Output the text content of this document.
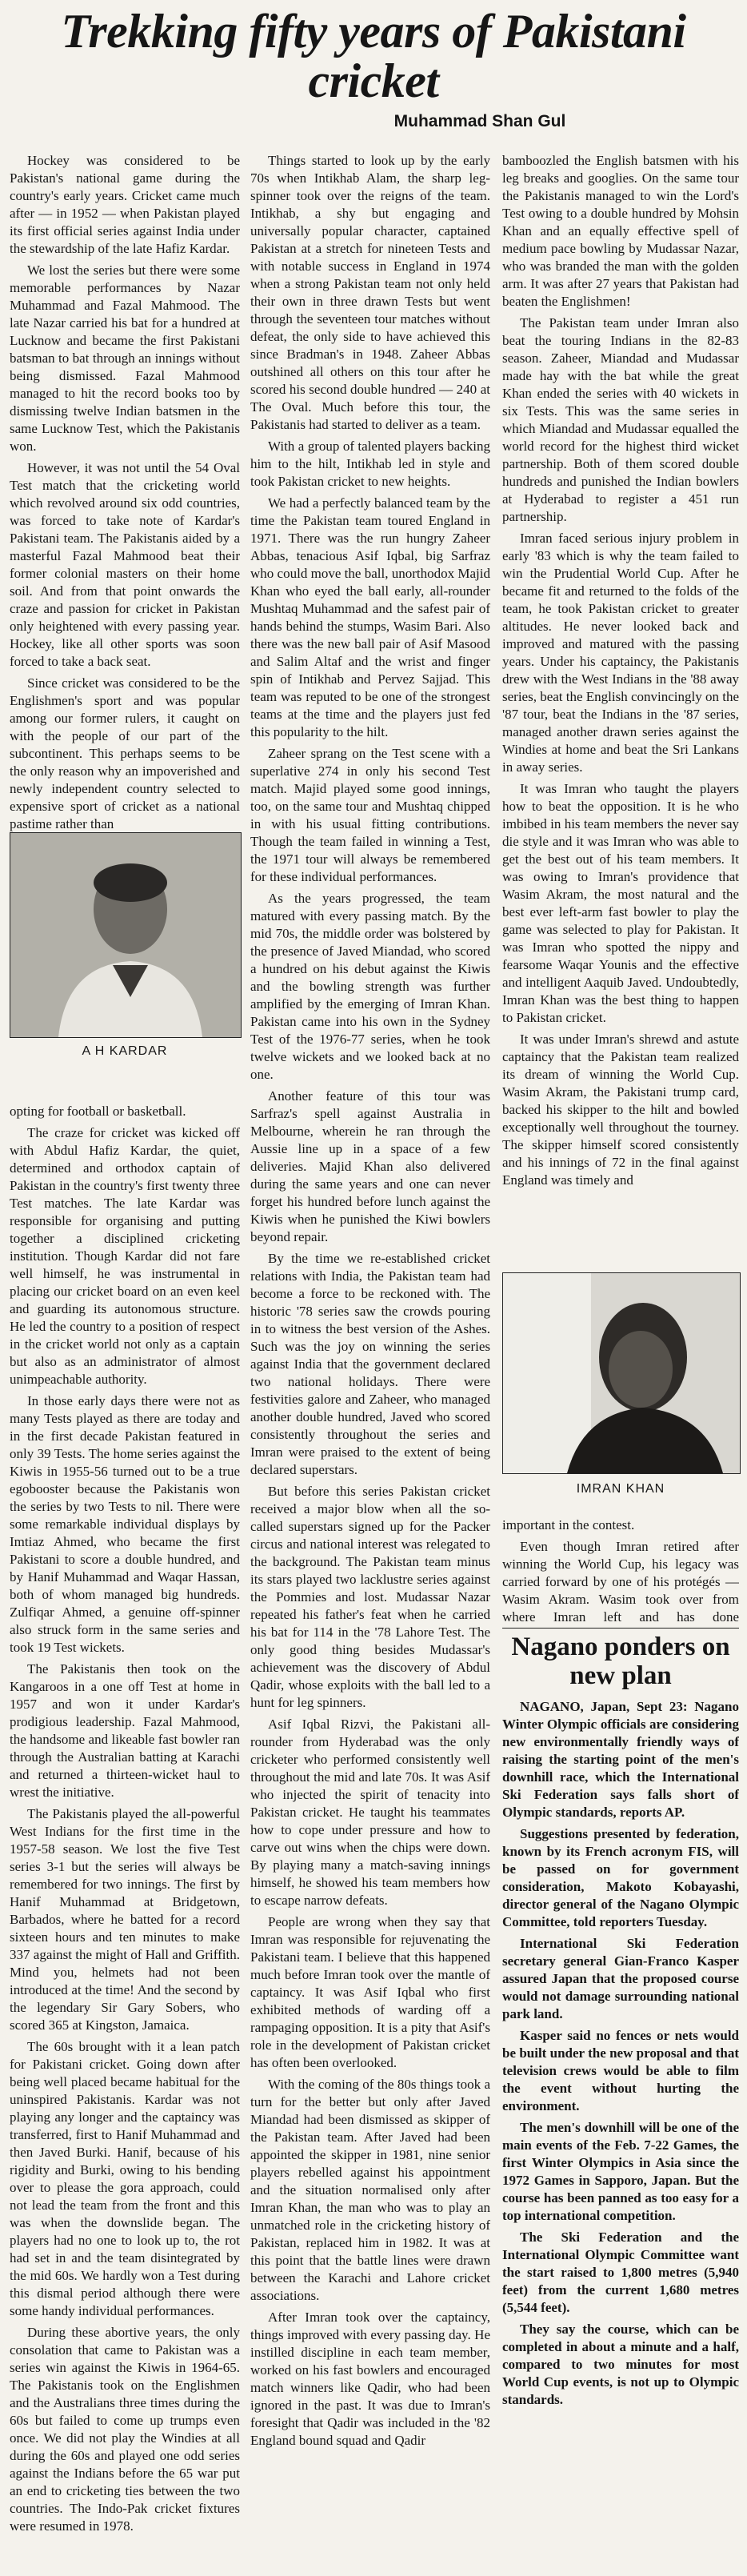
Trekking fifty years of Pakistani cricket
Muhammad Shan Gul

Hockey was considered to be Pakistan's national game during the country's early years. Cricket came much after — in 1952 — when Pakistan played its first official series against India under the stewardship of the late Hafiz Kardar.

We lost the series but there were some memorable performances by Nazar Muhammad and Fazal Mahmood. The late Nazar carried his bat for a hundred at Lucknow and became the first Pakistani batsman to bat through an innings without being dismissed. Fazal Mahmood managed to hit the record books too by dismissing twelve Indian batsmen in the same Lucknow Test, which the Pakistanis won.

However, it was not until the 54 Oval Test match that the cricketing world which revolved around six odd countries, was forced to take note of Kardar's Pakistani team. The Pakistanis aided by a masterful Fazal Mahmood beat their former colonial masters on their home soil. And from that point onwards the craze and passion for cricket in Pakistan only heightened with every passing year. Hockey, like all other sports was soon forced to take a back seat.

Since cricket was considered to be the Englishmen's sport and was popular among our former rulers, it caught on with the people of our part of the subcontinent. This perhaps seems to be the only reason why an impoverished and newly independent country selected to expensive sport of cricket as a national pastime rather than

A H KARDAR

opting for football or basketball.

The craze for cricket was kicked off with Abdul Hafiz Kardar, the quiet, determined and orthodox captain of Pakistan in the country's first twenty three Test matches. The late Kardar was responsible for organising and putting together a disciplined cricketing institution. Though Kardar did not fare well himself, he was instrumental in placing our cricket board on an even keel and guarding its autonomous structure. He led the country to a position of respect in the cricket world not only as a captain but also as an administrator of almost unimpeachable authority.

In those early days there were not as many Tests played as there are today and in the first decade Pakistan featured in only 39 Tests. The home series against the Kiwis in 1955-56 turned out to be a true egobooster because the Pakistanis won the series by two Tests to nil. There were some remarkable individual displays by Imtiaz Ahmed, who became the first Pakistani to score a double hundred, and by Hanif Muhammad and Waqar Hassan, both of whom managed big hundreds. Zulfiqar Ahmed, a genuine off-spinner also struck form in the same series and took 19 Test wickets.

The Pakistanis then took on the Kangaroos in a one off Test at home in 1957 and won it under Kardar's prodigious leadership. Fazal Mahmood, the handsome and likeable fast bowler ran through the Australian batting at Karachi and returned a thirteen-wicket haul to wrest the initiative.

The Pakistanis played the all-powerful West Indians for the first time in the 1957-58 season. We lost the five Test series 3-1 but the series will always be remembered for two innings. The first by Hanif Muhammad at Bridgetown, Barbados, where he batted for a record sixteen hours and ten minutes to make 337 against the might of Hall and Griffith. Mind you, helmets had not been introduced at the time! And the second by the legendary Sir Gary Sobers, who scored 365 at Kingston, Jamaica.

The 60s brought with it a lean patch for Pakistani cricket. Going down after being well placed became habitual for the uninspired Pakistanis. Kardar was not playing any longer and the captaincy was transferred, first to Hanif Muhammad and then Javed Burki. Hanif, because of his rigidity and Burki, owing to his bending over to please the gora approach, could not lead the team from the front and this was when the downslide began. The players had no one to look up to, the rot had set in and the team disintegrated by the mid 60s. We hardly won a Test during this dismal period although there were some handy individual performances.

During these abortive years, the only consolation that came to Pakistan was a series win against the Kiwis in 1964-65. The Pakistanis took on the Englishmen and the Australians three times during the 60s but failed to come up trumps even once. We did not play the Windies at all during the 60s and played one odd series against the Indians before the 65 war put an end to cricketing ties between the two countries. The Indo-Pak cricket fixtures were resumed in 1978.

Things started to look up by the early 70s when Intikhab Alam, the sharp leg-spinner took over the reigns of the team. Intikhab, a shy but engaging and universally popular character, captained Pakistan at a stretch for nineteen Tests and with notable success in England in 1974 when a strong Pakistan team not only held their own in three drawn Tests but went through the seventeen tour matches without defeat, the only side to have achieved this since Bradman's in 1948. Zaheer Abbas outshined all others on this tour after he scored his second double hundred — 240 at The Oval. Much before this tour, the Pakistanis had started to deliver as a team.

With a group of talented players backing him to the hilt, Intikhab led in style and took Pakistan cricket to new heights.

We had a perfectly balanced team by the time the Pakistan team toured England in 1971. There was the run hungry Zaheer Abbas, tenacious Asif Iqbal, big Sarfraz who could move the ball, unorthodox Majid Khan who eyed the ball early, all-rounder Mushtaq Muhammad and the safest pair of hands behind the stumps, Wasim Bari. Also there was the new ball pair of Asif Masood and Salim Altaf and the wrist and finger spin of Intikhab and Pervez Sajjad. This team was reputed to be one of the strongest teams at the time and the players just fed this popularity to the hilt.

Zaheer sprang on the Test scene with a superlative 274 in only his second Test match. Majid played some good innings, too, on the same tour and Mushtaq chipped in with his usual fitting contributions. Though the team failed in winning a Test, the 1971 tour will always be remembered for these individual performances.

As the years progressed, the team matured with every passing match. By the mid 70s, the middle order was bolstered by the presence of Javed Miandad, who scored a hundred on his debut against the Kiwis and the bowling strength was further amplified by the emerging of Imran Khan. Pakistan came into his own in the Sydney Test of the 1976-77 series, when he took twelve wickets and we looked back at no one.

Another feature of this tour was Sarfraz's spell against Australia in Melbourne, wherein he ran through the Aussie line up in a space of a few deliveries. Majid Khan also delivered during the same years and one can never forget his hundred before lunch against the Kiwis when he punished the Kiwi bowlers beyond repair.

By the time we re-established cricket relations with India, the Pakistan team had become a force to be reckoned with. The historic '78 series saw the crowds pouring in to witness the best version of the Ashes. Such was the joy on winning the series against India that the government declared two national holidays. There were festivities galore and Zaheer, who managed another double hundred, Javed who scored consistently throughout the series and Imran were praised to the extent of being declared superstars.

But before this series Pakistan cricket received a major blow when all the so-called superstars signed up for the Packer circus and national interest was relegated to the background. The Pakistan team minus its stars played two lacklustre series against the Pommies and lost. Mudassar Nazar repeated his father's feat when he carried his bat for 114 in the '78 Lahore Test. The only good thing besides Mudassar's achievement was the discovery of Abdul Qadir, whose exploits with the ball led to a hunt for leg spinners.

Asif Iqbal Rizvi, the Pakistani all-rounder from Hyderabad was the only cricketer who performed consistently well throughout the mid and late 70s. It was Asif who injected the spirit of tenacity into Pakistan cricket. He taught his teammates how to cope under pressure and how to carve out wins when the chips were down. By playing many a match-saving innings himself, he showed his team members how to escape narrow defeats.

People are wrong when they say that Imran was responsible for rejuvenating the Pakistani team. I believe that this happened much before Imran took over the mantle of captaincy. It was Asif Iqbal who first exhibited methods of warding off a rampaging opposition. It is a pity that Asif's role in the development of Pakistan cricket has often been overlooked.

With the coming of the 80s things took a turn for the better but only after Javed Miandad had been dismissed as skipper of the Pakistan team. After Javed had been appointed the skipper in 1981, nine senior players rebelled against his appointment and the situation normalised only after Imran Khan, the man who was to play an unmatched role in the cricketing history of Pakistan, replaced him in 1982. It was at this point that the battle lines were drawn between the Karachi and Lahore cricket associations.

After Imran took over the captaincy, things improved with every passing day. He instilled discipline in each team member, worked on his fast bowlers and encouraged match winners like Qadir, who had been ignored in the past. It was due to Imran's foresight that Qadir was included in the '82 England bound squad and Qadir

bamboozled the English batsmen with his leg breaks and googlies. On the same tour the Pakistanis managed to win the Lord's Test owing to a double hundred by Mohsin Khan and an equally effective spell of medium pace bowling by Mudassar Nazar, who was branded the man with the golden arm. It was after 27 years that Pakistan had beaten the Englishmen!

The Pakistan team under Imran also beat the touring Indians in the 82-83 season. Zaheer, Miandad and Mudassar made hay with the bat while the great Khan ended the series with 40 wickets in six Tests. This was the same series in which Miandad and Mudassar equalled the world record for the highest third wicket partnership. Both of them scored double hundreds and punished the Indian bowlers at Hyderabad to register a 451 run partnership.

Imran faced serious injury problem in early '83 which is why the team failed to win the Prudential World Cup. After he became fit and returned to the folds of the team, he took Pakistan cricket to greater altitudes. He never looked back and improved and matured with the passing years. Under his captaincy, the Pakistanis drew with the West Indians in the '88 away series, beat the English convincingly on the '87 tour, beat the Indians in the '87 series, managed another drawn series against the Windies at home and beat the Sri Lankans in away series.

It was Imran who taught the players how to beat the opposition. It is he who imbibed in his team members the never say die style and it was Imran who was able to get the best out of his team members. It was owing to Imran's providence that Wasim Akram, the most natural and the best ever left-arm fast bowler to play the game was selected to play for Pakistan. It was Imran who spotted the nippy and fearsome Waqar Younis and the effective and intelligent Aaquib Javed. Undoubtedly, Imran Khan was the best thing to happen to Pakistan cricket.

It was under Imran's shrewd and astute captaincy that the Pakistan team realized its dream of winning the World Cup. Wasim Akram, the Pakistani trump card, backed his skipper to the hilt and bowled exceptionally well throughout the tourney. The skipper himself scored consistently and his innings of 72 in the final against England was timely and

IMRAN KHAN

important in the contest.

Even though Imran retired after winning the World Cup, his legacy was carried forward by one of his protégés — Wasim Akram. Wasim took over from where Imran left and has done

Nagano ponders on new plan

NAGANO, Japan, Sept 23: Nagano Winter Olympic officials are considering new environmentally friendly ways of raising the starting point of the men's downhill race, which the International Ski Federation says falls short of Olympic standards, reports AP.

Suggestions presented by federation, known by its French acronym FIS, will be passed on for government consideration, Makoto Kobayashi, director general of the Nagano Olympic Committee, told reporters Tuesday.

International Ski Federation secretary general Gian-Franco Kasper assured Japan that the proposed course would not damage surrounding national park land.

Kasper said no fences or nets would be built under the new proposal and that television crews would be able to film the event without hurting the environment.

The men's downhill will be one of the main events of the Feb. 7-22 Games, the first Winter Olympics in Asia since the 1972 Games in Sapporo, Japan. But the course has been panned as too easy for a top international competition.

The Ski Federation and the International Olympic Committee want the start raised to 1,800 metres (5,940 feet) from the current 1,680 metres (5,544 feet).

They say the course, which can be completed in about a minute and a half, compared to two minutes for most World Cup events, is not up to Olympic standards.
